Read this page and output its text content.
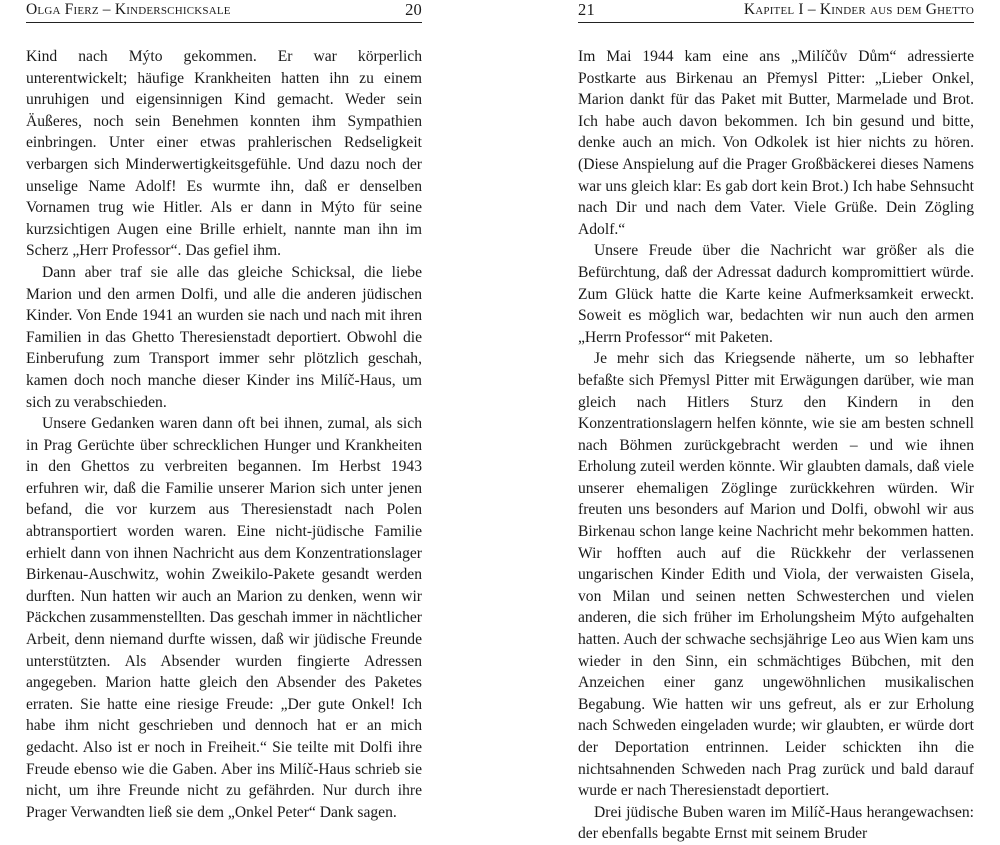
Olga Fierz – Kinderschicksale	20

Kind nach Mýto gekommen. Er war körperlich unterentwickelt; häufige Krankheiten hatten ihn zu einem unruhigen und eigensinnigen Kind gemacht. Weder sein Äußeres, noch sein Benehmen konnten ihm Sympathien einbringen. Unter einer etwas prahlerischen Redseligkeit verbargen sich Minderwertigkeitsgefühle. Und dazu noch der unselige Name Adolf! Es wurmte ihn, daß er denselben Vornamen trug wie Hitler. Als er dann in Mýto für seine kurzsichtigen Augen eine Brille erhielt, nannte man ihn im Scherz „Herr Professor“. Das gefiel ihm.

Dann aber traf sie alle das gleiche Schicksal, die liebe Marion und den armen Dolfi, und alle die anderen jüdischen Kinder. Von Ende 1941 an wurden sie nach und nach mit ihren Familien in das Ghetto Theresienstadt deportiert. Obwohl die Einberufung zum Transport immer sehr plötzlich geschah, kamen doch noch manche dieser Kinder ins Milíč-Haus, um sich zu verabschieden.

Unsere Gedanken waren dann oft bei ihnen, zumal, als sich in Prag Gerüchte über schrecklichen Hunger und Krankheiten in den Ghettos zu verbreiten begannen. Im Herbst 1943 erfuhren wir, daß die Familie unserer Marion sich unter jenen befand, die vor kurzem aus Theresienstadt nach Polen abtransportiert worden waren. Eine nicht-jüdische Familie erhielt dann von ihnen Nachricht aus dem Konzentrationslager Birkenau-Auschwitz, wohin Zweikilo-Pakete gesandt werden durften. Nun hatten wir auch an Marion zu denken, wenn wir Päckchen zusammenstellten. Das geschah immer in nächtlicher Arbeit, denn niemand durfte wissen, daß wir jüdische Freunde unterstützten. Als Absender wurden fingierte Adressen angegeben. Marion hatte gleich den Absender des Paketes erraten. Sie hatte eine riesige Freude: „Der gute Onkel! Ich habe ihm nicht geschrieben und dennoch hat er an mich gedacht. Also ist er noch in Freiheit.“ Sie teilte mit Dolfi ihre Freude ebenso wie die Gaben. Aber ins Milíč-Haus schrieb sie nicht, um ihre Freunde nicht zu gefährden. Nur durch ihre Prager Verwandten ließ sie dem „Onkel Peter“ Dank sagen.

21	Kapitel I – Kinder aus dem Ghetto

Im Mai 1944 kam eine ans „Milíčův Dům“ adressierte Postkarte aus Birkenau an Přemysl Pitter: „Lieber Onkel, Marion dankt für das Paket mit Butter, Marmelade und Brot. Ich habe auch davon bekommen. Ich bin gesund und bitte, denke auch an mich. Von Odkolek ist hier nichts zu hören. (Diese Anspielung auf die Prager Großbäckerei dieses Namens war uns gleich klar: Es gab dort kein Brot.) Ich habe Sehnsucht nach Dir und nach dem Vater. Viele Grüße. Dein Zögling Adolf.“

Unsere Freude über die Nachricht war größer als die Befürchtung, daß der Adressat dadurch kompromittiert würde. Zum Glück hatte die Karte keine Aufmerksamkeit erweckt. Soweit es möglich war, bedachten wir nun auch den armen „Herrn Professor“ mit Paketen.

Je mehr sich das Kriegsende näherte, um so lebhafter befaßte sich Přemysl Pitter mit Erwägungen darüber, wie man gleich nach Hitlers Sturz den Kindern in den Konzentrationslagern helfen könnte, wie sie am besten schnell nach Böhmen zurückgebracht werden – und wie ihnen Erholung zuteil werden könnte. Wir glaubten damals, daß viele unserer ehemaligen Zöglinge zurückkehren würden. Wir freuten uns besonders auf Marion und Dolfi, obwohl wir aus Birkenau schon lange keine Nachricht mehr bekommen hatten. Wir hofften auch auf die Rückkehr der verlassenen ungarischen Kinder Edith und Viola, der verwaisten Gisela, von Milan und seinen netten Schwesterchen und vielen anderen, die sich früher im Erholungsheim Mýto aufgehalten hatten. Auch der schwache sechsjährige Leo aus Wien kam uns wieder in den Sinn, ein schmächtiges Bübchen, mit den Anzeichen einer ganz ungewöhnlichen musikalischen Begabung. Wie hatten wir uns gefreut, als er zur Erholung nach Schweden eingeladen wurde; wir glaubten, er würde dort der Deportation entrinnen. Leider schickten ihn die nichtsahnenden Schweden nach Prag zurück und bald darauf wurde er nach Theresienstadt deportiert.

Drei jüdische Buben waren im Milíč-Haus herangewachsen: der ebenfalls begabte Ernst mit seinem Bruder
